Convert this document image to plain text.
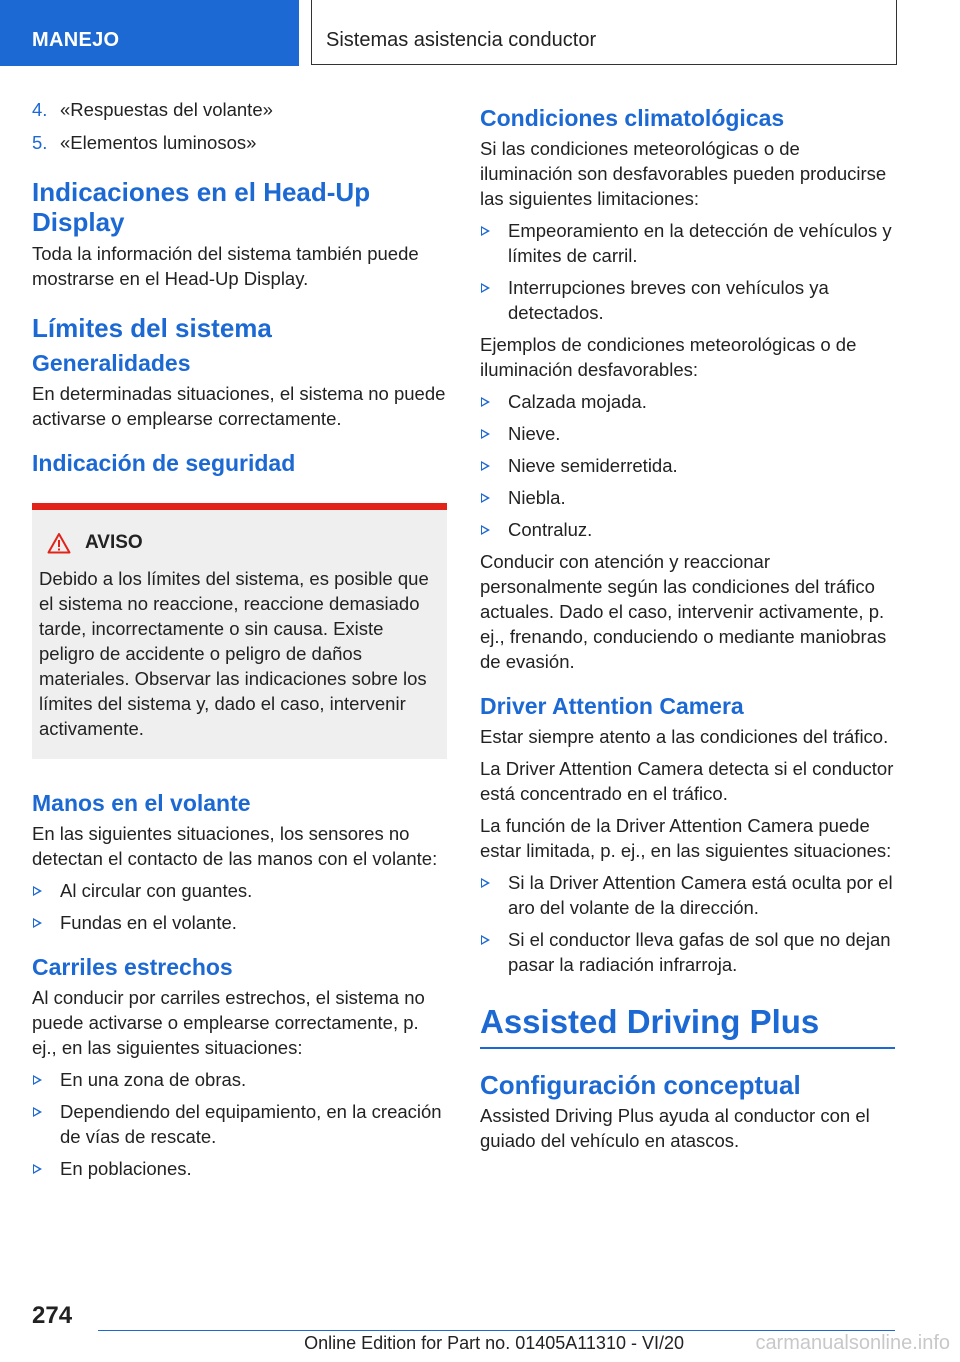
MANEJO	Sistemas asistencia conductor
4. «Respuestas del volante»
5. «Elementos luminosos»
Indicaciones en el Head-Up Display

Toda la información del sistema también puede mostrarse en el Head-Up Display.

Límites del sistema
Generalidades

En determinadas situaciones, el sistema no puede activarse o emplearse correctamente.

Indicación de seguridad
AVISO

Debido a los límites del sistema, es posible que el sistema no reaccione, reaccione demasiado tarde, incorrectamente o sin causa. Existe peligro de accidente o peligro de daños materiales. Observar las indicaciones sobre los límites del sistema y, dado el caso, intervenir activamente.

Manos en el volante

En las siguientes situaciones, los sensores no detectan el contacto de las manos con el volante:

Al circular con guantes.
Fundas en el volante.
Carriles estrechos

Al conducir por carriles estrechos, el sistema no puede activarse o emplearse correctamente, p. ej., en las siguientes situaciones:

En una zona de obras.
Dependiendo del equipamiento, en la creación de vías de rescate.
En poblaciones.
Condiciones climatológicas

Si las condiciones meteorológicas o de iluminación son desfavorables pueden producirse las siguientes limitaciones:

Empeoramiento en la detección de vehículos y límites de carril.
Interrupciones breves con vehículos ya detectados.

Ejemplos de condiciones meteorológicas o de iluminación desfavorables:

Calzada mojada.
Nieve.
Nieve semiderretida.
Niebla.
Contraluz.

Conducir con atención y reaccionar personalmente según las condiciones del tráfico actuales. Dado el caso, intervenir activamente, p. ej., frenando, conduciendo o mediante maniobras de evasión.

Driver Attention Camera

Estar siempre atento a las condiciones del tráfico.

La Driver Attention Camera detecta si el conductor está concentrado en el tráfico.

La función de la Driver Attention Camera puede estar limitada, p. ej., en las siguientes situaciones:

Si la Driver Attention Camera está oculta por el aro del volante de la dirección.
Si el conductor lleva gafas de sol que no dejan pasar la radiación infrarroja.
Assisted Driving Plus
Configuración conceptual

Assisted Driving Plus ayuda al conductor con el guiado del vehículo en atascos.

274
Online Edition for Part no. 01405A11310 - VI/20	carmanualsonline.info
